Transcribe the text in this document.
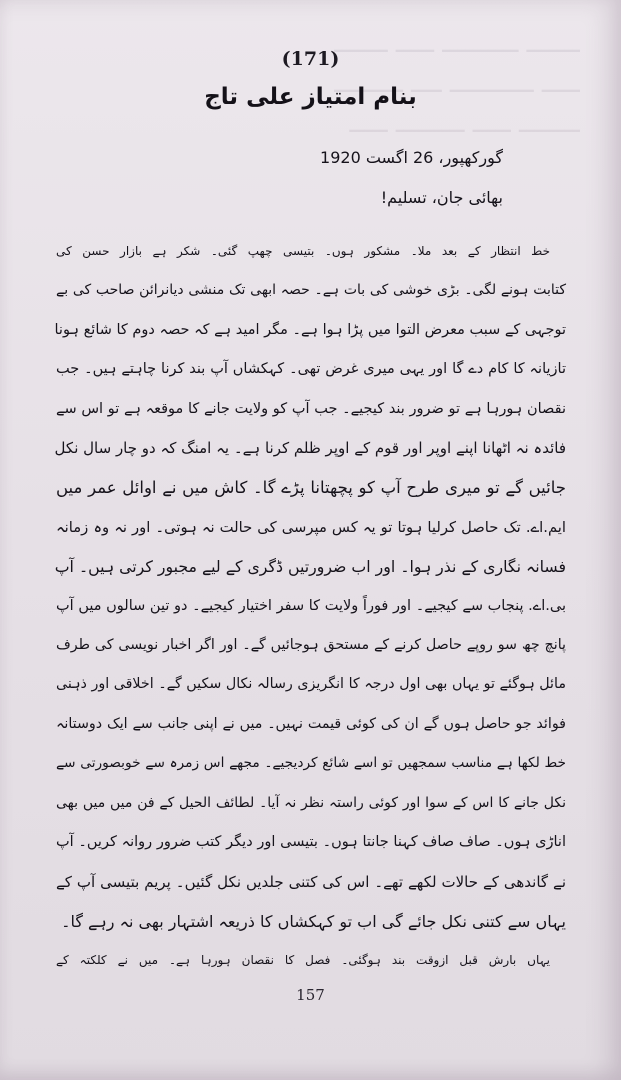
ـــــــ ــــــــــ ـــــ ـــــــ
ـــــ ـــــــــــ ــــ ـــــــــ
ــــــــ ـــــ ـــــــــ ـــــ
(171)
بنام امتیاز علی تاج
گورکھپور، 26 اگست 1920
بھائی جان، تسلیم!

خط انتظار کے بعد ملا۔ مشکور ہوں۔ بتیسی چھپ گئی۔ شکر ہے بازار حسن کی

کتابت ہونے لگی۔ بڑی خوشی کی بات ہے۔ حصہ ابھی تک منشی دیانرائن صاحب کی بے

توجہی کے سبب معرض التوا میں پڑا ہوا ہے۔ مگر امید ہے کہ حصہ دوم کا شائع ہونا

تازیانہ کا کام دے گا اور یہی میری غرض تھی۔ کہکشاں آپ بند کرنا چاہتے ہیں۔ جب

نقصان ہورہا ہے تو ضرور بند کیجیے۔ جب آپ کو ولایت جانے کا موقعہ ہے تو اس سے

فائدہ نہ اٹھانا اپنے اوپر اور قوم کے اوپر ظلم کرنا ہے۔ یہ امنگ کہ دو چار سال نکل

جائیں گے تو میری طرح آپ کو پچھتانا پڑے گا۔ کاش میں نے اوائل عمر میں

ایم.اے. تک حاصل کرلیا ہوتا تو یہ کس مپرسی کی حالت نہ ہوتی۔ اور نہ وہ زمانہ

فسانہ نگاری کے نذر ہوا۔ اور اب ضرورتیں ڈگری کے لیے مجبور کرتی ہیں۔ آپ

بی.اے. پنجاب سے کیجیے۔ اور فوراً ولایت کا سفر اختیار کیجیے۔ دو تین سالوں میں آپ

پانچ چھ سو روپے حاصل کرنے کے مستحق ہوجائیں گے۔ اور اگر اخبار نویسی کی طرف

مائل ہوگئے تو یہاں بھی اول درجہ کا انگریزی رسالہ نکال سکیں گے۔ اخلاقی اور ذہنی

فوائد جو حاصل ہوں گے ان کی کوئی قیمت نہیں۔ میں نے اپنی جانب سے ایک دوستانہ

خط لکھا ہے مناسب سمجھیں تو اسے شائع کردیجیے۔ مجھے اس زمرہ سے خوبصورتی سے

نکل جانے کا اس کے سوا اور کوئی راستہ نظر نہ آیا۔ لطائف الحیل کے فن میں میں بھی

اناڑی ہوں۔ صاف صاف کہنا جانتا ہوں۔ بتیسی اور دیگر کتب ضرور روانہ کریں۔ آپ

نے گاندھی کے حالات لکھے تھے۔ اس کی کتنی جلدیں نکل گئیں۔ پریم بتیسی آپ کے

یہاں سے کتنی نکل جائے گی اب تو کہکشاں کا ذریعہ اشتہار بھی نہ رہے گا۔

یہاں بارش قبل ازوقت بند ہوگئی۔ فصل کا نقصان ہورہا ہے۔ میں نے کلکتہ کے

157
